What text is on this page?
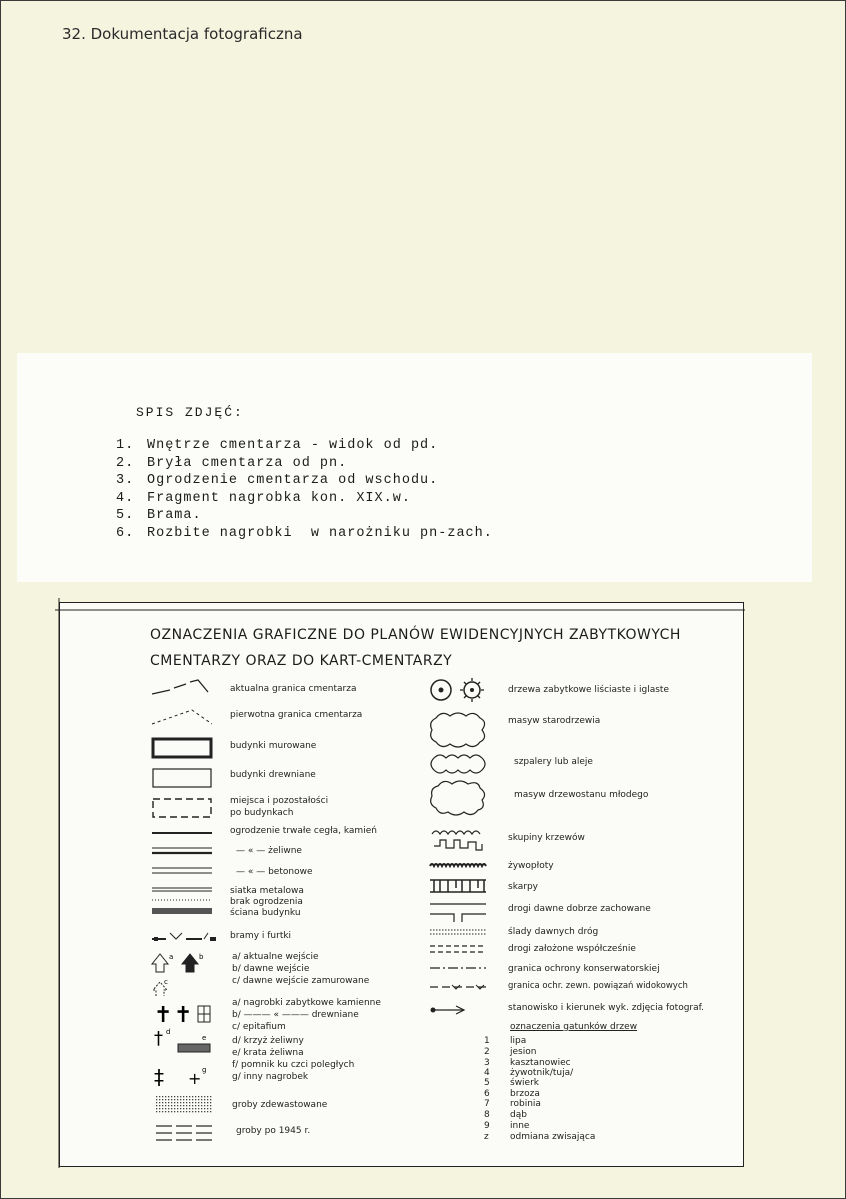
32. Dokumentacja fotograficzna
SPIS ZDJĘĆ:
1. Wnętrze cmentarza - widok od pd.
2. Bryła cmentarza od pn.
3. Ogrodzenie cmentarza od wschodu.
4. Fragment nagrobka kon. XIX.w.
5. Brama.
6. Rozbite nagrobki  w narożniku pn-zach.
OZNACZENIA GRAFICZNE DO PLANÓW EWIDENCYJNYCH ZABYTKOWYCH
CMENTARZY ORAZ DO KART-CMENTARZY
aktualna granica cmentarza
pierwotna granica cmentarza
budynki murowane
budynki drewniane
miejsca i pozostałości
po budynkach
ogrodzenie trwałe cegła, kamień
— « — żeliwne
— « — betonowe
siatka metalowa
brak ogrodzenia
ściana budynku
bramy i furtki
a	b
c
a/ aktualne wejście
b/ dawne wejście
c/ dawne wejście zamurowane
✝ ✝
† d
e
‡ + g
a/ nagrobki zabytkowe kamienne
b/ ——— « ——— drewniane
c/ epitafium
d/ krzyż żeliwny
e/ krata żeliwna
f/ pomnik ku czci poległych
g/ inny nagrobek
groby zdewastowane
groby po 1945 r.
drzewa zabytkowe liściaste i iglaste
masyw starodrzewia
szpalery lub aleje
masyw drzewostanu młodego
skupiny krzewów
żywopłoty
skarpy
drogi dawne dobrze zachowane
ślady dawnych dróg
drogi założone współcześnie
granica ochrony konserwatorskiej
granica ochr. zewn. powiązań widokowych
stanowisko i kierunek wyk. zdjęcia fotograf.
oznaczenia gatunków drzew
1 lipa
2 jesion
3 kasztanowiec
4 żywotnik/tuja/
5 świerk
6 brzoza
7 robinia
8 dąb
9 inne
z odmiana zwisająca
